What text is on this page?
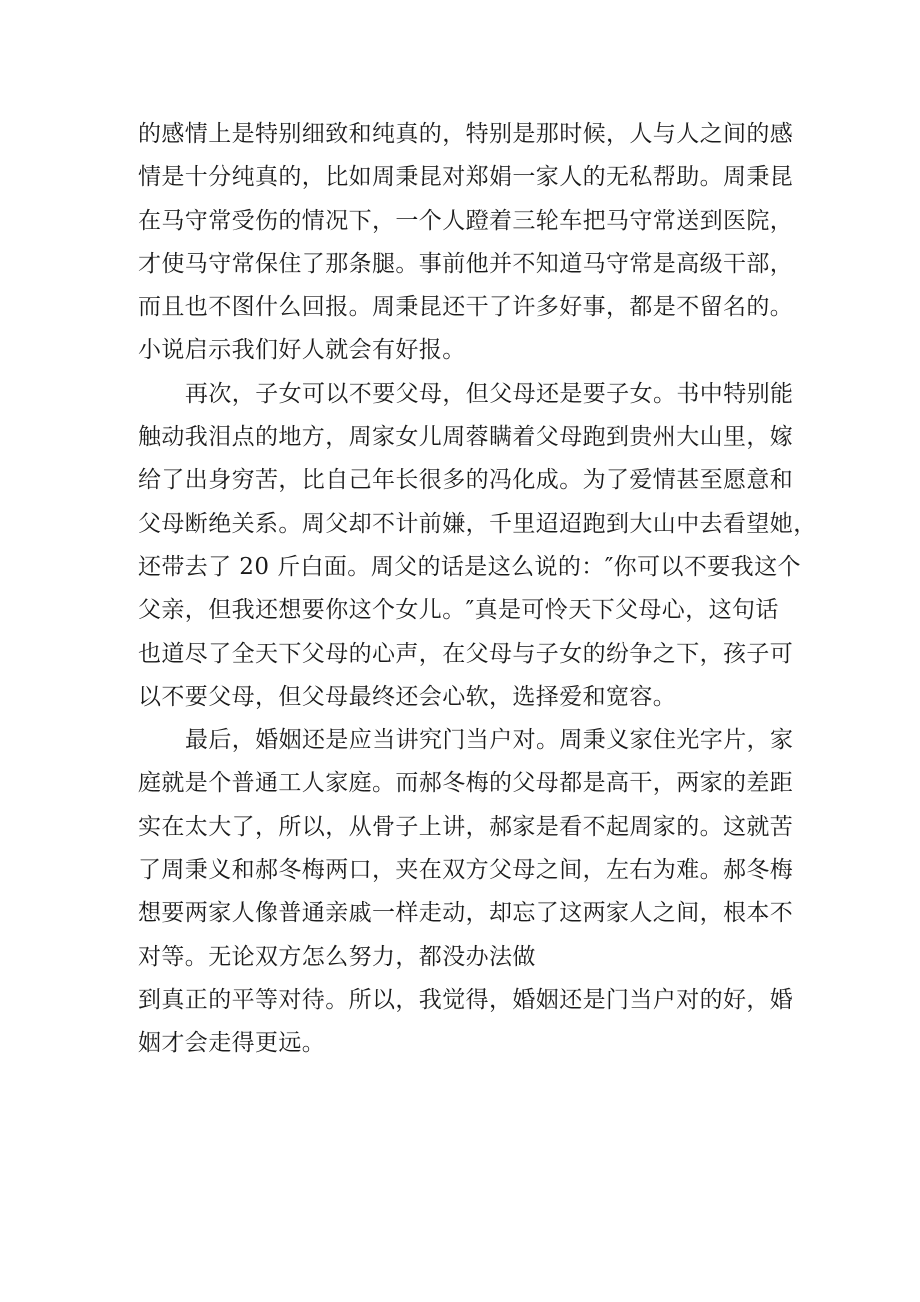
的感情上是特别细致和纯真的，特别是那时候，人与人之间的感
情是十分纯真的，比如周秉昆对郑娟一家人的无私帮助。周秉昆
在马守常受伤的情况下，一个人蹬着三轮车把马守常送到医院，
才使马守常保住了那条腿。事前他并不知道马守常是高级干部，
而且也不图什么回报。周秉昆还干了许多好事，都是不留名的。
小说启示我们好人就会有好报。
再次，子女可以不要父母，但父母还是要子女。书中特别能
触动我泪点的地方，周家女儿周蓉瞒着父母跑到贵州大山里，嫁
给了出身穷苦，比自己年长很多的冯化成。为了爱情甚至愿意和
父母断绝关系。周父却不计前嫌，千里迢迢跑到大山中去看望她，
还带去了 20 斤白面。周父的话是这么说的：″你可以不要我这个
父亲，但我还想要你这个女儿。″真是可怜天下父母心，这句话
也道尽了全天下父母的心声，在父母与子女的纷争之下，孩子可
以不要父母，但父母最终还会心软，选择爱和宽容。
最后，婚姻还是应当讲究门当户对。周秉义家住光字片，家
庭就是个普通工人家庭。而郝冬梅的父母都是高干，两家的差距
实在太大了，所以，从骨子上讲，郝家是看不起周家的。这就苦
了周秉义和郝冬梅两口，夹在双方父母之间，左右为难。郝冬梅
想要两家人像普通亲戚一样走动，却忘了这两家人之间，根本不
对等。无论双方怎么努力，都没办法做
到真正的平等对待。所以，我觉得，婚姻还是门当户对的好，婚
姻才会走得更远。
